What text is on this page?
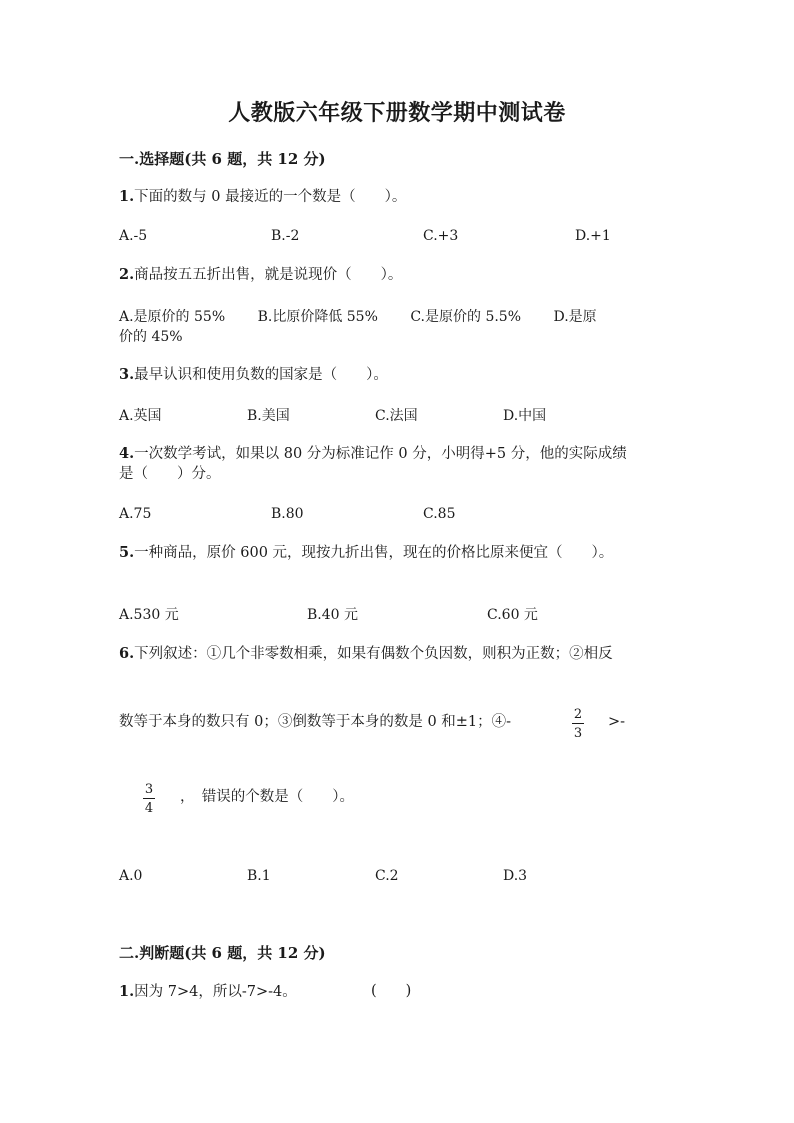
人教版六年级下册数学期中测试卷
一.选择题(共 6 题，共 12 分)
1.下面的数与 0 最接近的一个数是（　　）。
A.-5	B.-2	C.+3	D.+1
2.商品按五五折出售，就是说现价（　　）。
A.是原价的 55%　　 B.比原价降低 55%　　 C.是原价的 5.5%　　 D.是原
价的 45%
3.最早认识和使用负数的国家是（　　）。
A.英国	B.美国	C.法国	D.中国
4.一次数学考试，如果以 80 分为标准记作 0 分，小明得+5 分，他的实际成绩
是（　　）分。
A.75	B.80	C.85
5.一种商品，原价 600 元，现按九折出售，现在的价格比原来便宜（　　）。
A.530 元	B.40 元	C.60 元
6.下列叙述：①几个非零数相乘，如果有偶数个负因数，则积为正数；②相反
数等于本身的数只有 0；③倒数等于本身的数是 0 和±1；④-	2
3
>-
3
4
，　错误的个数是（　　）。
A.0	B.1	C.2	D.3
二.判断题(共 6 题，共 12 分)
1.因为 7>4，所以-7>-4。	(　　)
